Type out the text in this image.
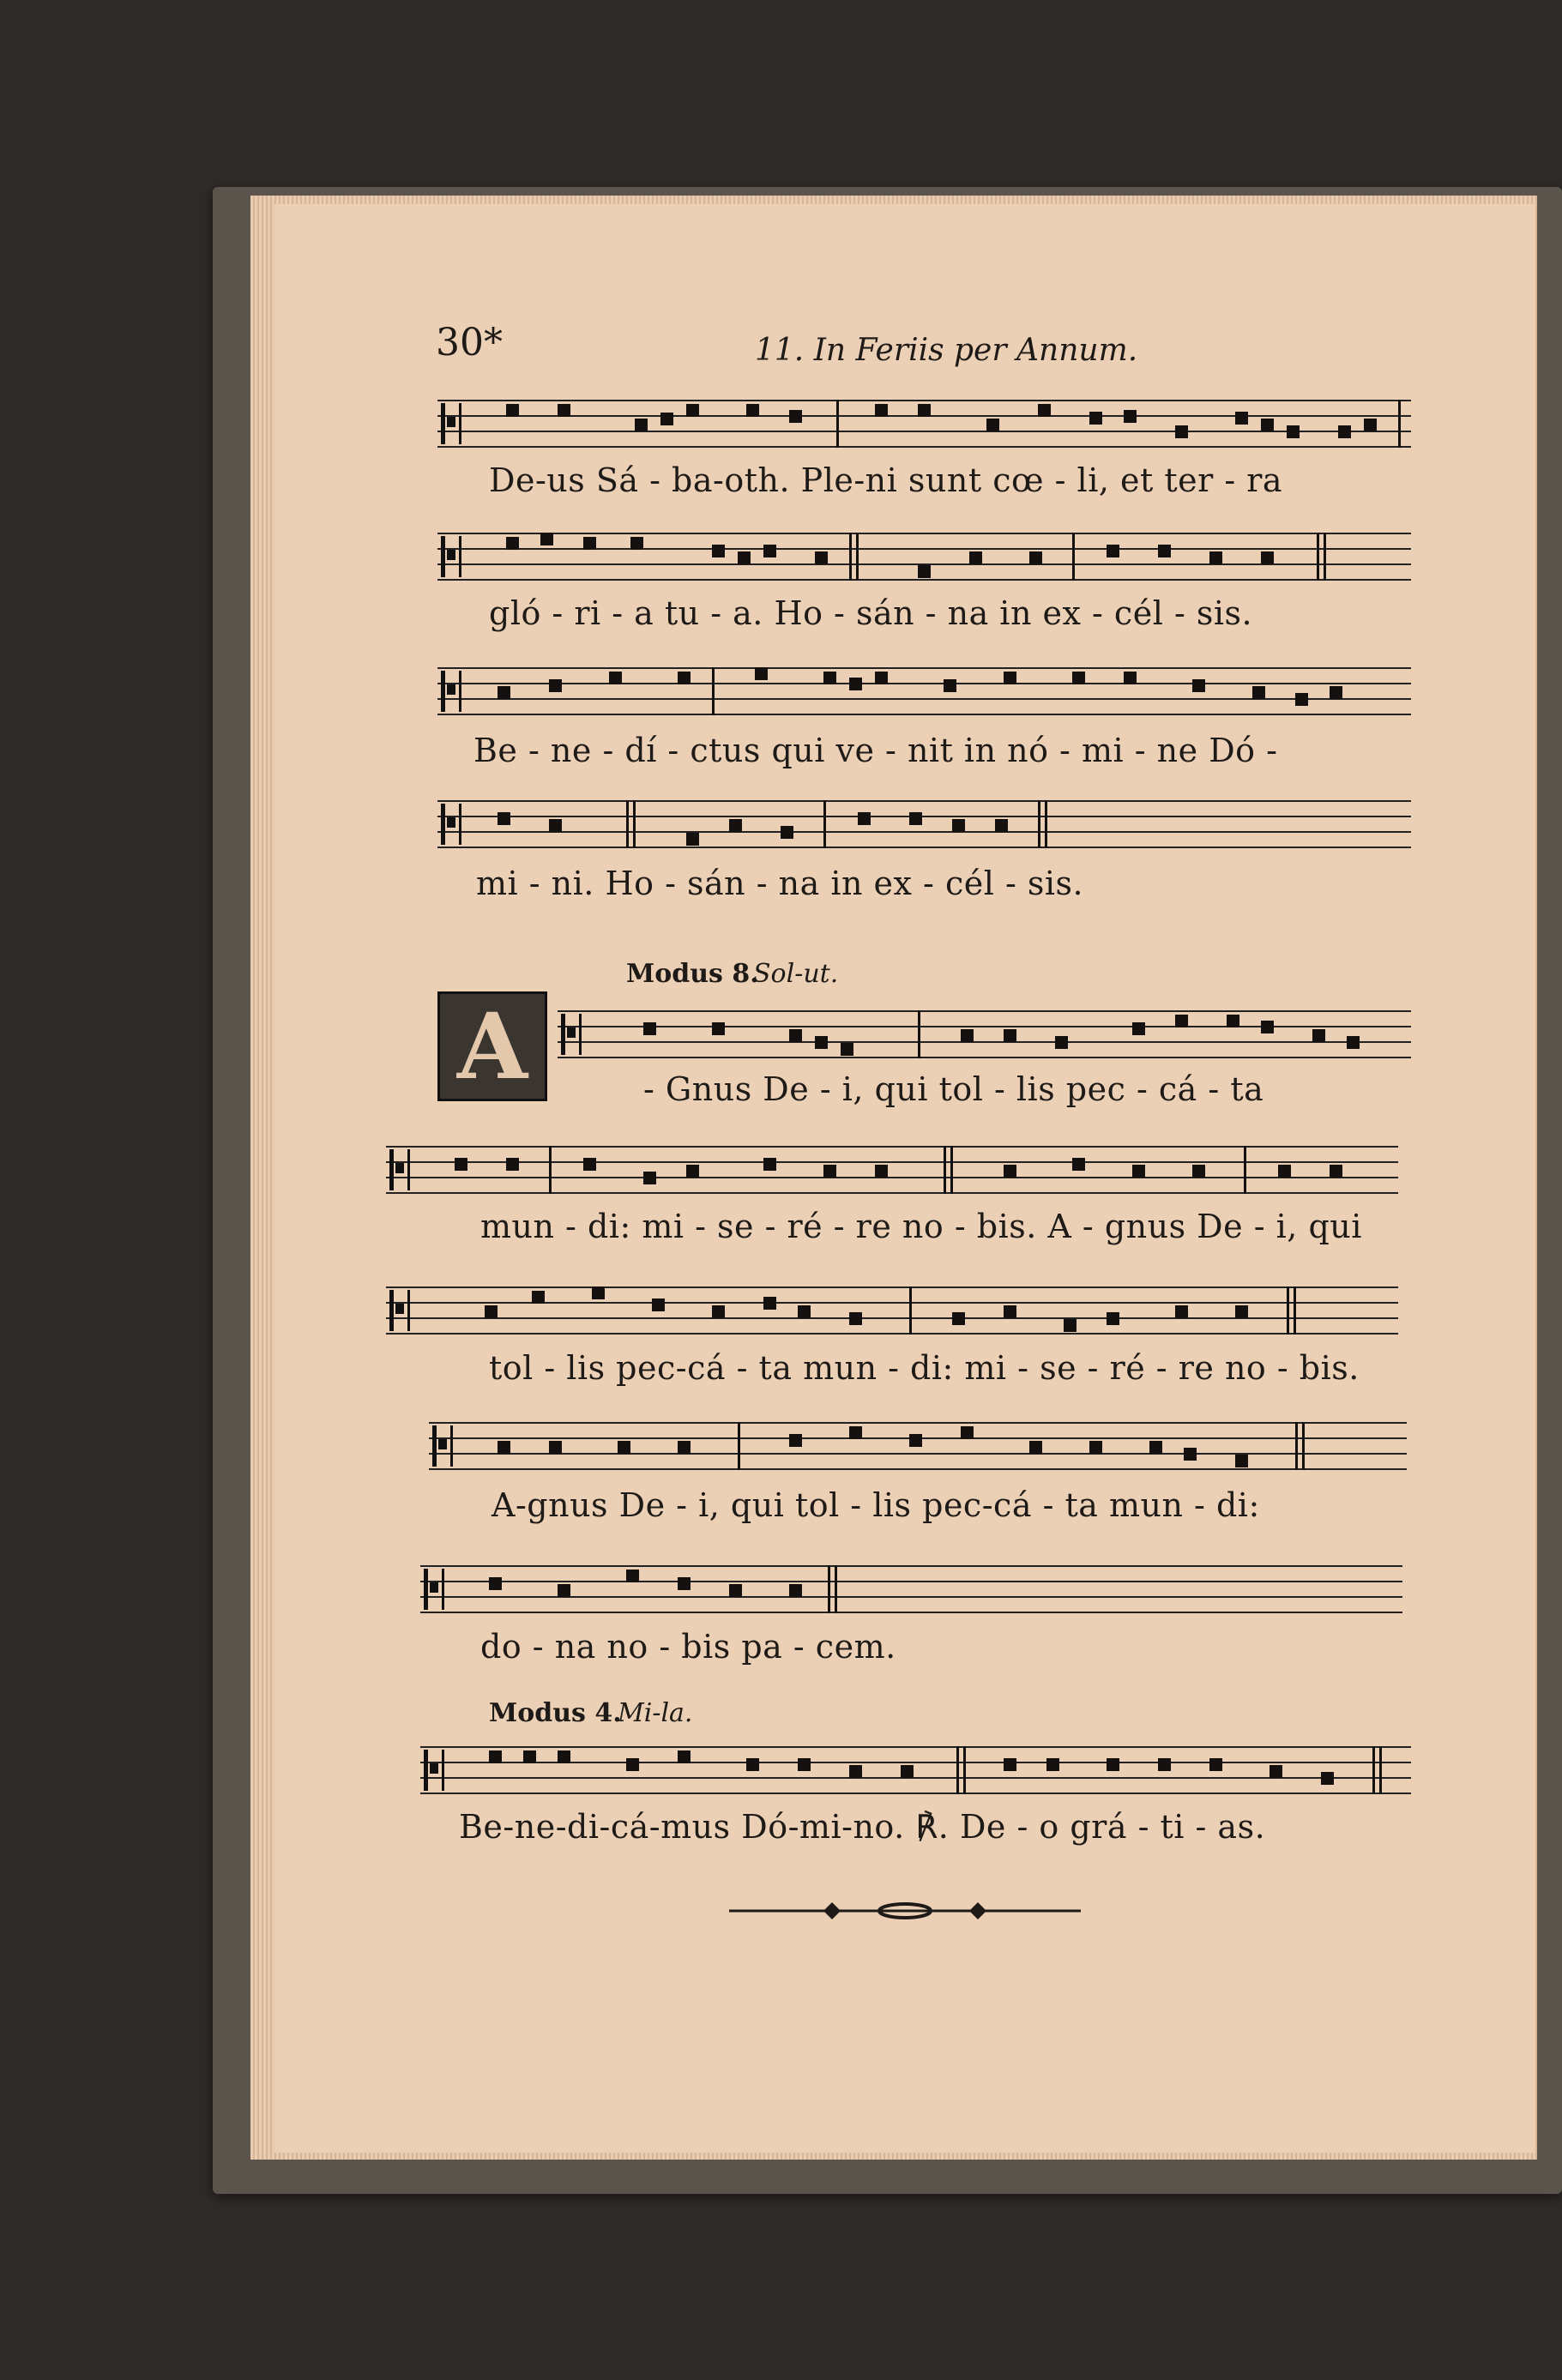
30*	11. In Feriis per Annum.
De-us Sá - ba-oth. Ple-ni sunt cœ - li, et ter - ra
gló - ri - a tu - a. Ho - sán - na in ex - cél - sis.
Be - ne - dí - ctus qui ve - nit in nó - mi - ne Dó -
mi - ni. Ho - sán - na in ex - cél - sis.
Modus 8.
Sol-ut.
A	- Gnus De - i, qui tol - lis pec - cá - ta
mun - di: mi - se - ré - re no - bis. A - gnus De - i, qui
tol - lis pec-cá - ta mun - di: mi - se - ré - re no - bis.
A-gnus De - i, qui tol - lis pec-cá - ta mun - di:
do - na no - bis pa - cem.
Modus 4.
Mi-la.
Be-ne-di-cá-mus Dó-mi-no. ℟. De - o grá - ti - as.
